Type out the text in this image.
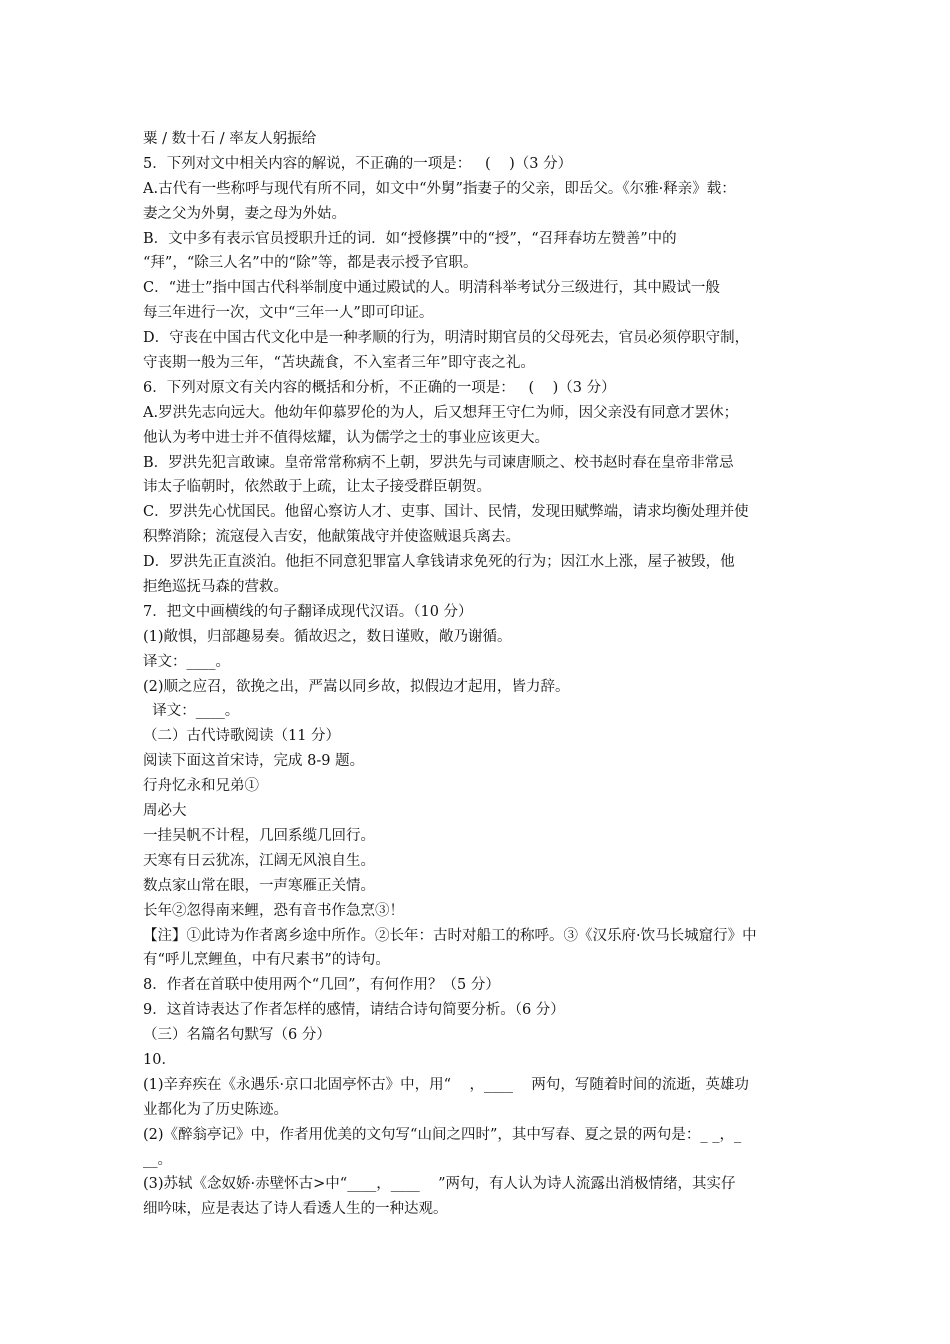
粟 / 数十石 / 率友人躬振给
5．下列对文中相关内容的解说，不正确的一项是：   (    )（3 分）
A.古代有一些称呼与现代有所不同，如文中“外舅”指妻子的父亲，即岳父。《尔雅·释亲》载：
妻之父为外舅，妻之母为外姑。
B．文中多有表示官员授职升迁的词．如“授修撰”中的“授”，“召拜春坊左赞善”中的
“拜”，“除三人名”中的“除”等，都是表示授予官职。
C．“进士”指中国古代科举制度中通过殿试的人。明清科举考试分三级进行，其中殿试一般
每三年进行一次，文中“三年一人”即可印证。
D．守丧在中国古代文化中是一种孝顺的行为，明清时期官员的父母死去，官员必须停职守制，
守丧期一般为三年，“苫块蔬食，不入室者三年”即守丧之礼。
6．下列对原文有关内容的概括和分析，不正确的一项是：   (    )（3 分）
A.罗洪先志向远大。他幼年仰慕罗伦的为人，后又想拜王守仁为师，因父亲没有同意才罢休；
他认为考中进士并不值得炫耀，认为儒学之士的事业应该更大。
B．罗洪先犯言敢谏。皇帝常常称病不上朝，罗洪先与司谏唐顺之、校书赵时春在皇帝非常忌
讳太子临朝时，依然敢于上疏，让太子接受群臣朝贺。
C．罗洪先心忧国民。他留心察访人才、吏事、国计、民情，发现田赋弊端，请求均衡处理并使
积弊消除；流寇侵入吉安，他献策战守并使盗贼退兵离去。
D．罗洪先正直淡泊。他拒不同意犯罪富人拿钱请求免死的行为；因江水上涨，屋子被毁，他
拒绝巡抚马森的营救。
7．把文中画横线的句子翻译成现代汉语。（10 分）
(1)敞惧，归部趣易奏。循故迟之，数日谨败，敞乃谢循。
译文：____。
(2)顺之应召，欲挽之出，严嵩以同乡故，拟假边才起用，皆力辞。
译文：____。
（二）古代诗歌阅读（11 分）
阅读下面这首宋诗，完成 8-9 题。
行舟忆永和兄弟①
周必大
一挂吴帆不计程，几回系缆几回行。
天寒有日云犹冻，江阔无风浪自生。
数点家山常在眼，一声寒雁正关情。
长年②忽得南来鲤，恐有音书作急烹③！
【注】①此诗为作者离乡途中所作。②长年：古时对船工的称呼。③《汉乐府·饮马长城窟行》中
有“呼儿烹鲤鱼，中有尺素书”的诗句。
8．作者在首联中使用两个“几回”，有何作用？（5 分）
9．这首诗表达了作者怎样的感情，请结合诗句简要分析。（6 分）
（三）名篇名句默写（6 分）
10．
(1)辛弃疾在《永遇乐·京口北固亭怀古》中，用“    ，____    两句，写随着时间的流逝，英雄功
业都化为了历史陈迹。
(2)《醉翁亭记》中，作者用优美的文句写“山间之四时”，其中写春、夏之景的两句是：_ _，_
__。
(3)苏轼《念奴娇·赤壁怀古>中“____，____    ”两句，有人认为诗人流露出消极情绪，其实仔
细吟味，应是表达了诗人看透人生的一种达观。
